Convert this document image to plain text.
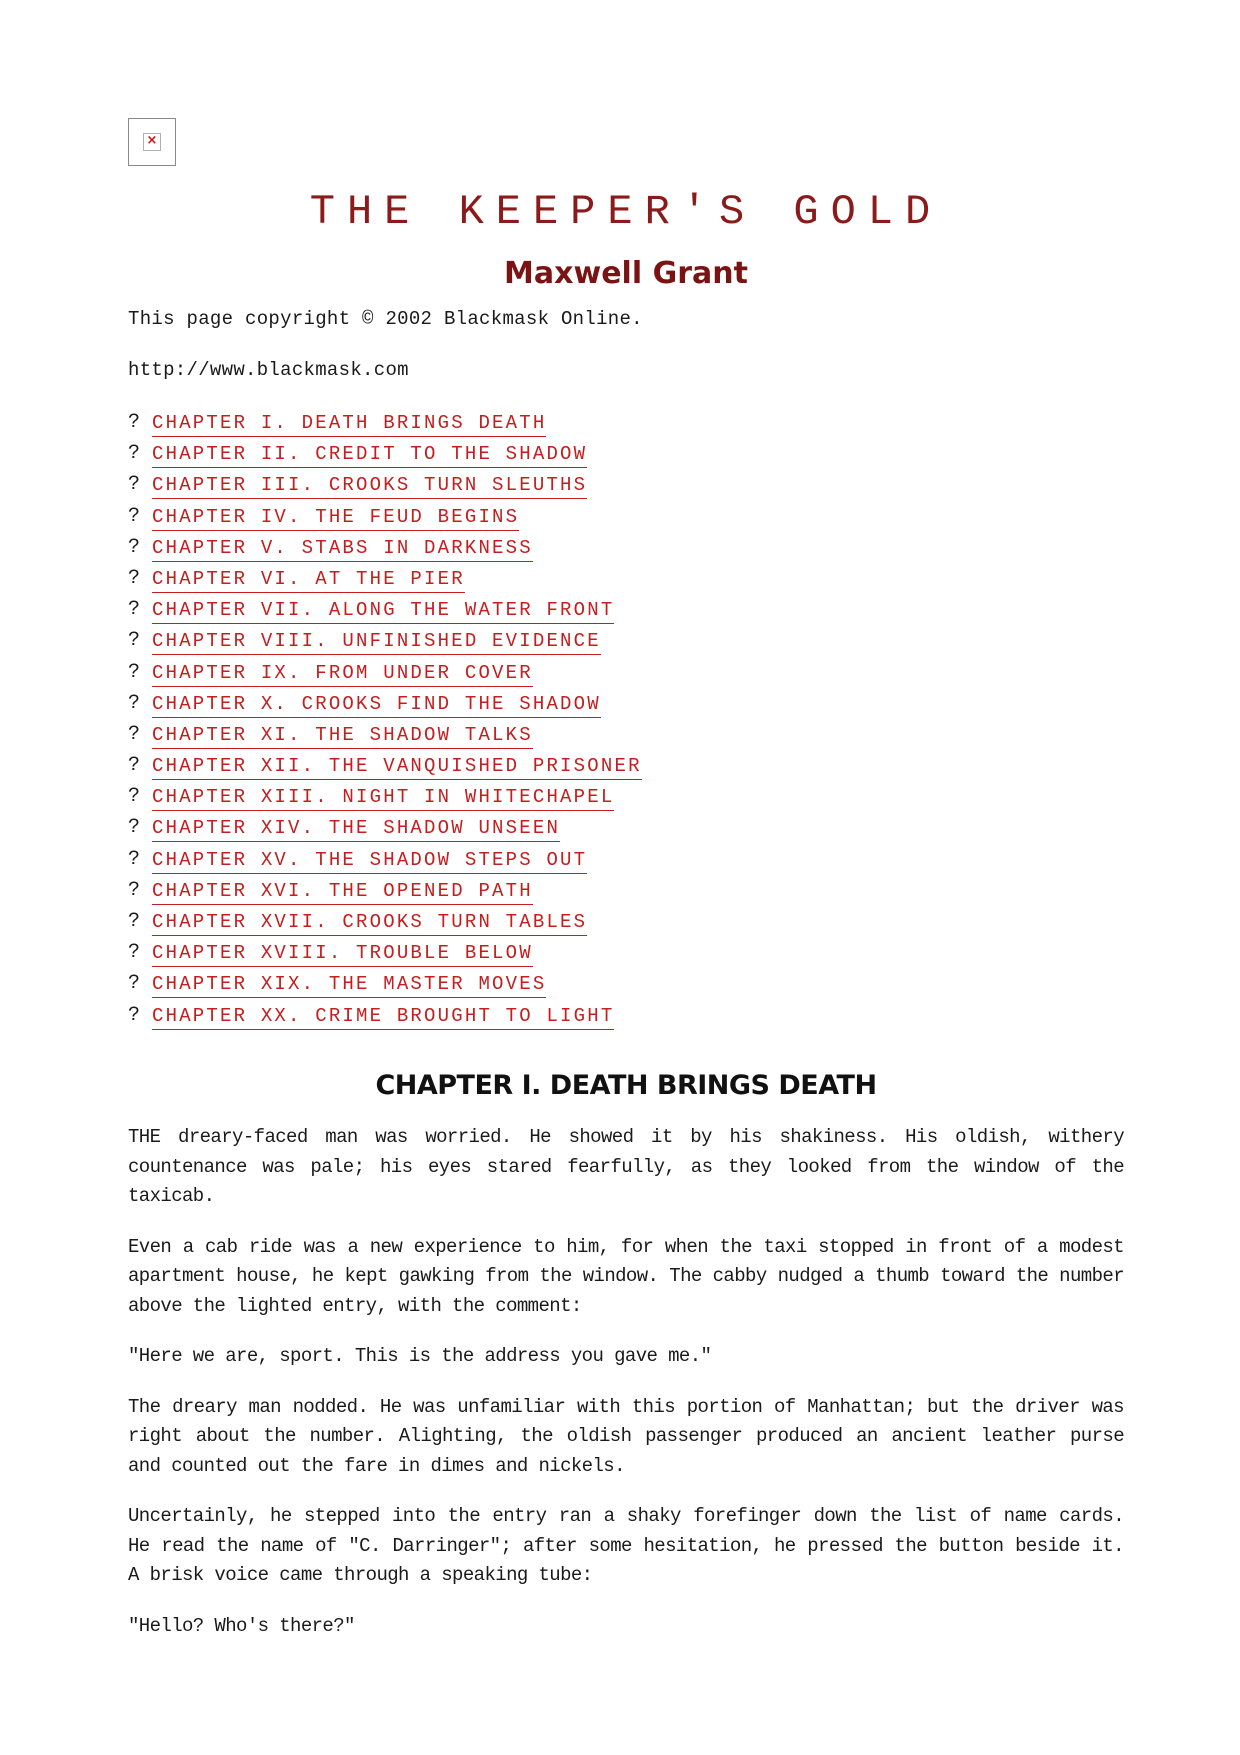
×
THE KEEPER'S GOLD
Maxwell Grant

This page copyright © 2002 Blackmask Online.

http://www.blackmask.com

? CHAPTER I. DEATH BRINGS DEATH
? CHAPTER II. CREDIT TO THE SHADOW
? CHAPTER III. CROOKS TURN SLEUTHS
? CHAPTER IV. THE FEUD BEGINS
? CHAPTER V. STABS IN DARKNESS
? CHAPTER VI. AT THE PIER
? CHAPTER VII. ALONG THE WATER FRONT
? CHAPTER VIII. UNFINISHED EVIDENCE
? CHAPTER IX. FROM UNDER COVER
? CHAPTER X. CROOKS FIND THE SHADOW
? CHAPTER XI. THE SHADOW TALKS
? CHAPTER XII. THE VANQUISHED PRISONER
? CHAPTER XIII. NIGHT IN WHITECHAPEL
? CHAPTER XIV. THE SHADOW UNSEEN
? CHAPTER XV. THE SHADOW STEPS OUT
? CHAPTER XVI. THE OPENED PATH
? CHAPTER XVII. CROOKS TURN TABLES
? CHAPTER XVIII. TROUBLE BELOW
? CHAPTER XIX. THE MASTER MOVES
? CHAPTER XX. CRIME BROUGHT TO LIGHT
CHAPTER I. DEATH BRINGS DEATH

THE dreary-faced man was worried. He showed it by his shakiness. His oldish, withery countenance was pale; his eyes stared fearfully, as they looked from the window of the taxicab.

Even a cab ride was a new experience to him, for when the taxi stopped in front of a modest apartment house, he kept gawking from the window. The cabby nudged a thumb toward the number above the lighted entry, with the comment:

"Here we are, sport. This is the address you gave me."

The dreary man nodded. He was unfamiliar with this portion of Manhattan; but the driver was right about the number. Alighting, the oldish passenger produced an ancient leather purse and counted out the fare in dimes and nickels.

Uncertainly, he stepped into the entry ran a shaky forefinger down the list of name cards. He read the name of "C. Darringer"; after some hesitation, he pressed the button beside it. A brisk voice came through a speaking tube:

"Hello? Who's there?"
